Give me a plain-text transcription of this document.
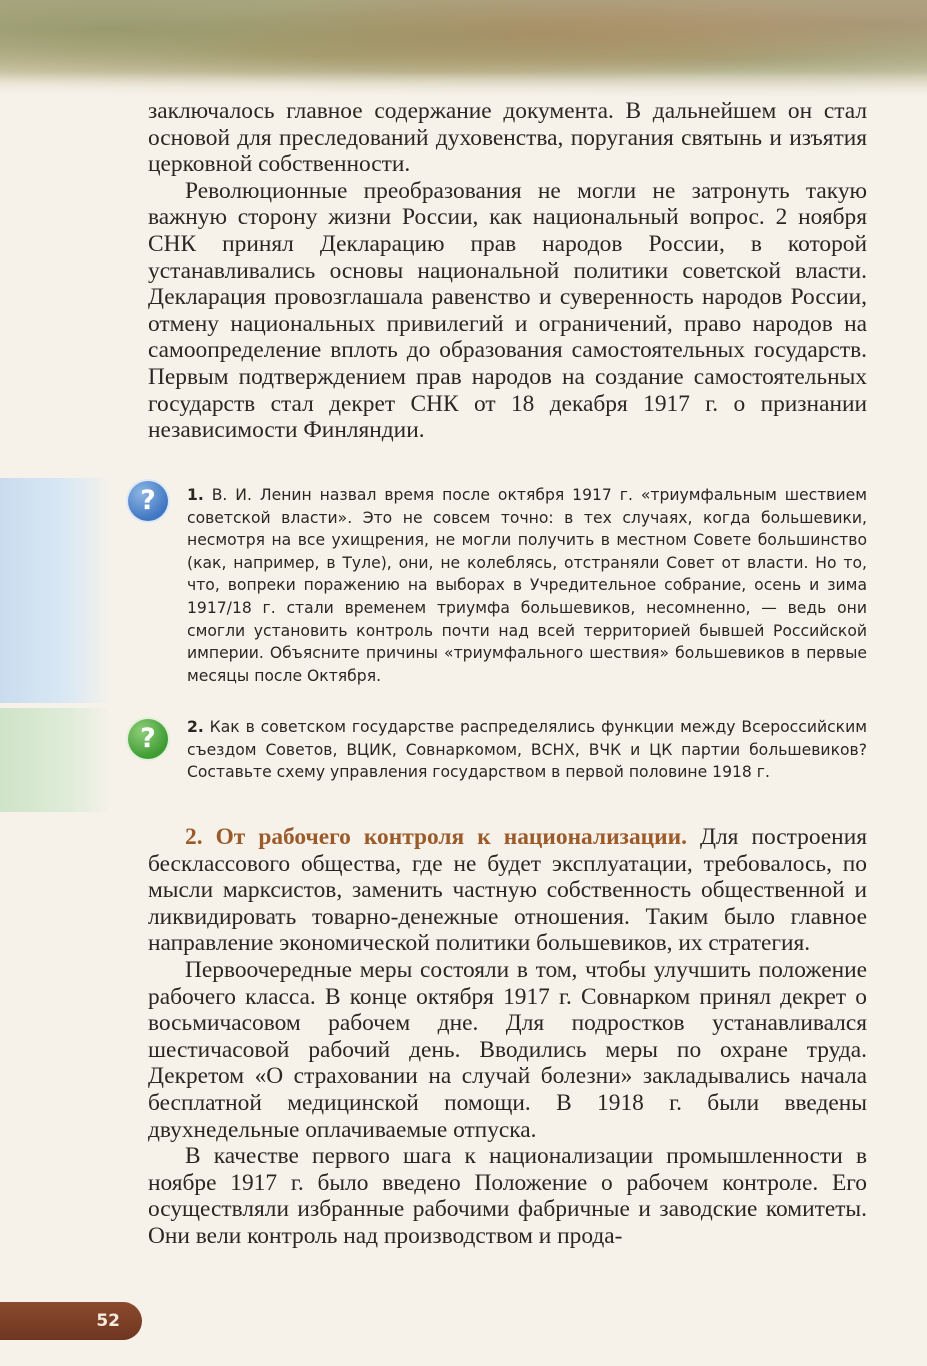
заключалось главное содержание документа. В дальнейшем он стал основой для преследований духовенства, поругания святынь и изъятия церковной собственности.

Революционные преобразования не могли не затронуть такую важную сторону жизни России, как национальный вопрос. 2 ноября СНК принял Декларацию прав народов России, в которой устанавливались основы национальной политики советской власти. Декларация провозглашала равенство и суверенность народов России, отмену национальных привилегий и ограничений, право народов на самоопределение вплоть до образования самостоятельных государств. Первым подтверждением прав народов на создание самостоятельных государств стал декрет СНК от 18 декабря 1917 г. о признании независимости Финляндии.

?	1. В. И. Ленин назвал время после октября 1917 г. «триумфальным шествием советской власти». Это не совсем точно: в тех случаях, когда большевики, несмотря на все ухищрения, не могли получить в местном Совете большинство (как, например, в Туле), они, не колеблясь, отстраняли Совет от власти. Но то, что, вопреки поражению на выборах в Учредительное собрание, осень и зима 1917/18 г. стали временем триумфа большевиков, несомненно, — ведь они смогли установить контроль почти над всей территорией бывшей Российской империи. Объясните причины «триумфального шествия» большевиков в первые месяцы после Октября.
?	2. Как в советском государстве распределялись функции между Всероссийским съездом Советов, ВЦИК, Совнаркомом, ВСНХ, ВЧК и ЦК партии большевиков? Составьте схему управления государством в первой половине 1918 г.

2. От рабочего контроля к национализации. Для построения бесклассового общества, где не будет эксплуатации, требовалось, по мысли марксистов, заменить частную собственность общественной и ликвидировать товарно-денежные отношения. Таким было главное направление экономической политики большевиков, их стратегия.

Первоочередные меры состояли в том, чтобы улучшить положение рабочего класса. В конце октября 1917 г. Совнарком принял декрет о восьмичасовом рабочем дне. Для подростков устанавливался шестичасовой рабочий день. Вводились меры по охране труда. Декретом «О страховании на случай болезни» закладывались начала бесплатной медицинской помощи. В 1918 г. были введены двухнедельные оплачиваемые отпуска.

В качестве первого шага к национализации промышленности в ноябре 1917 г. было введено Положение о рабочем контроле. Его осуществляли избранные рабочими фабричные и заводские комитеты. Они вели контроль над производством и прода-

52
